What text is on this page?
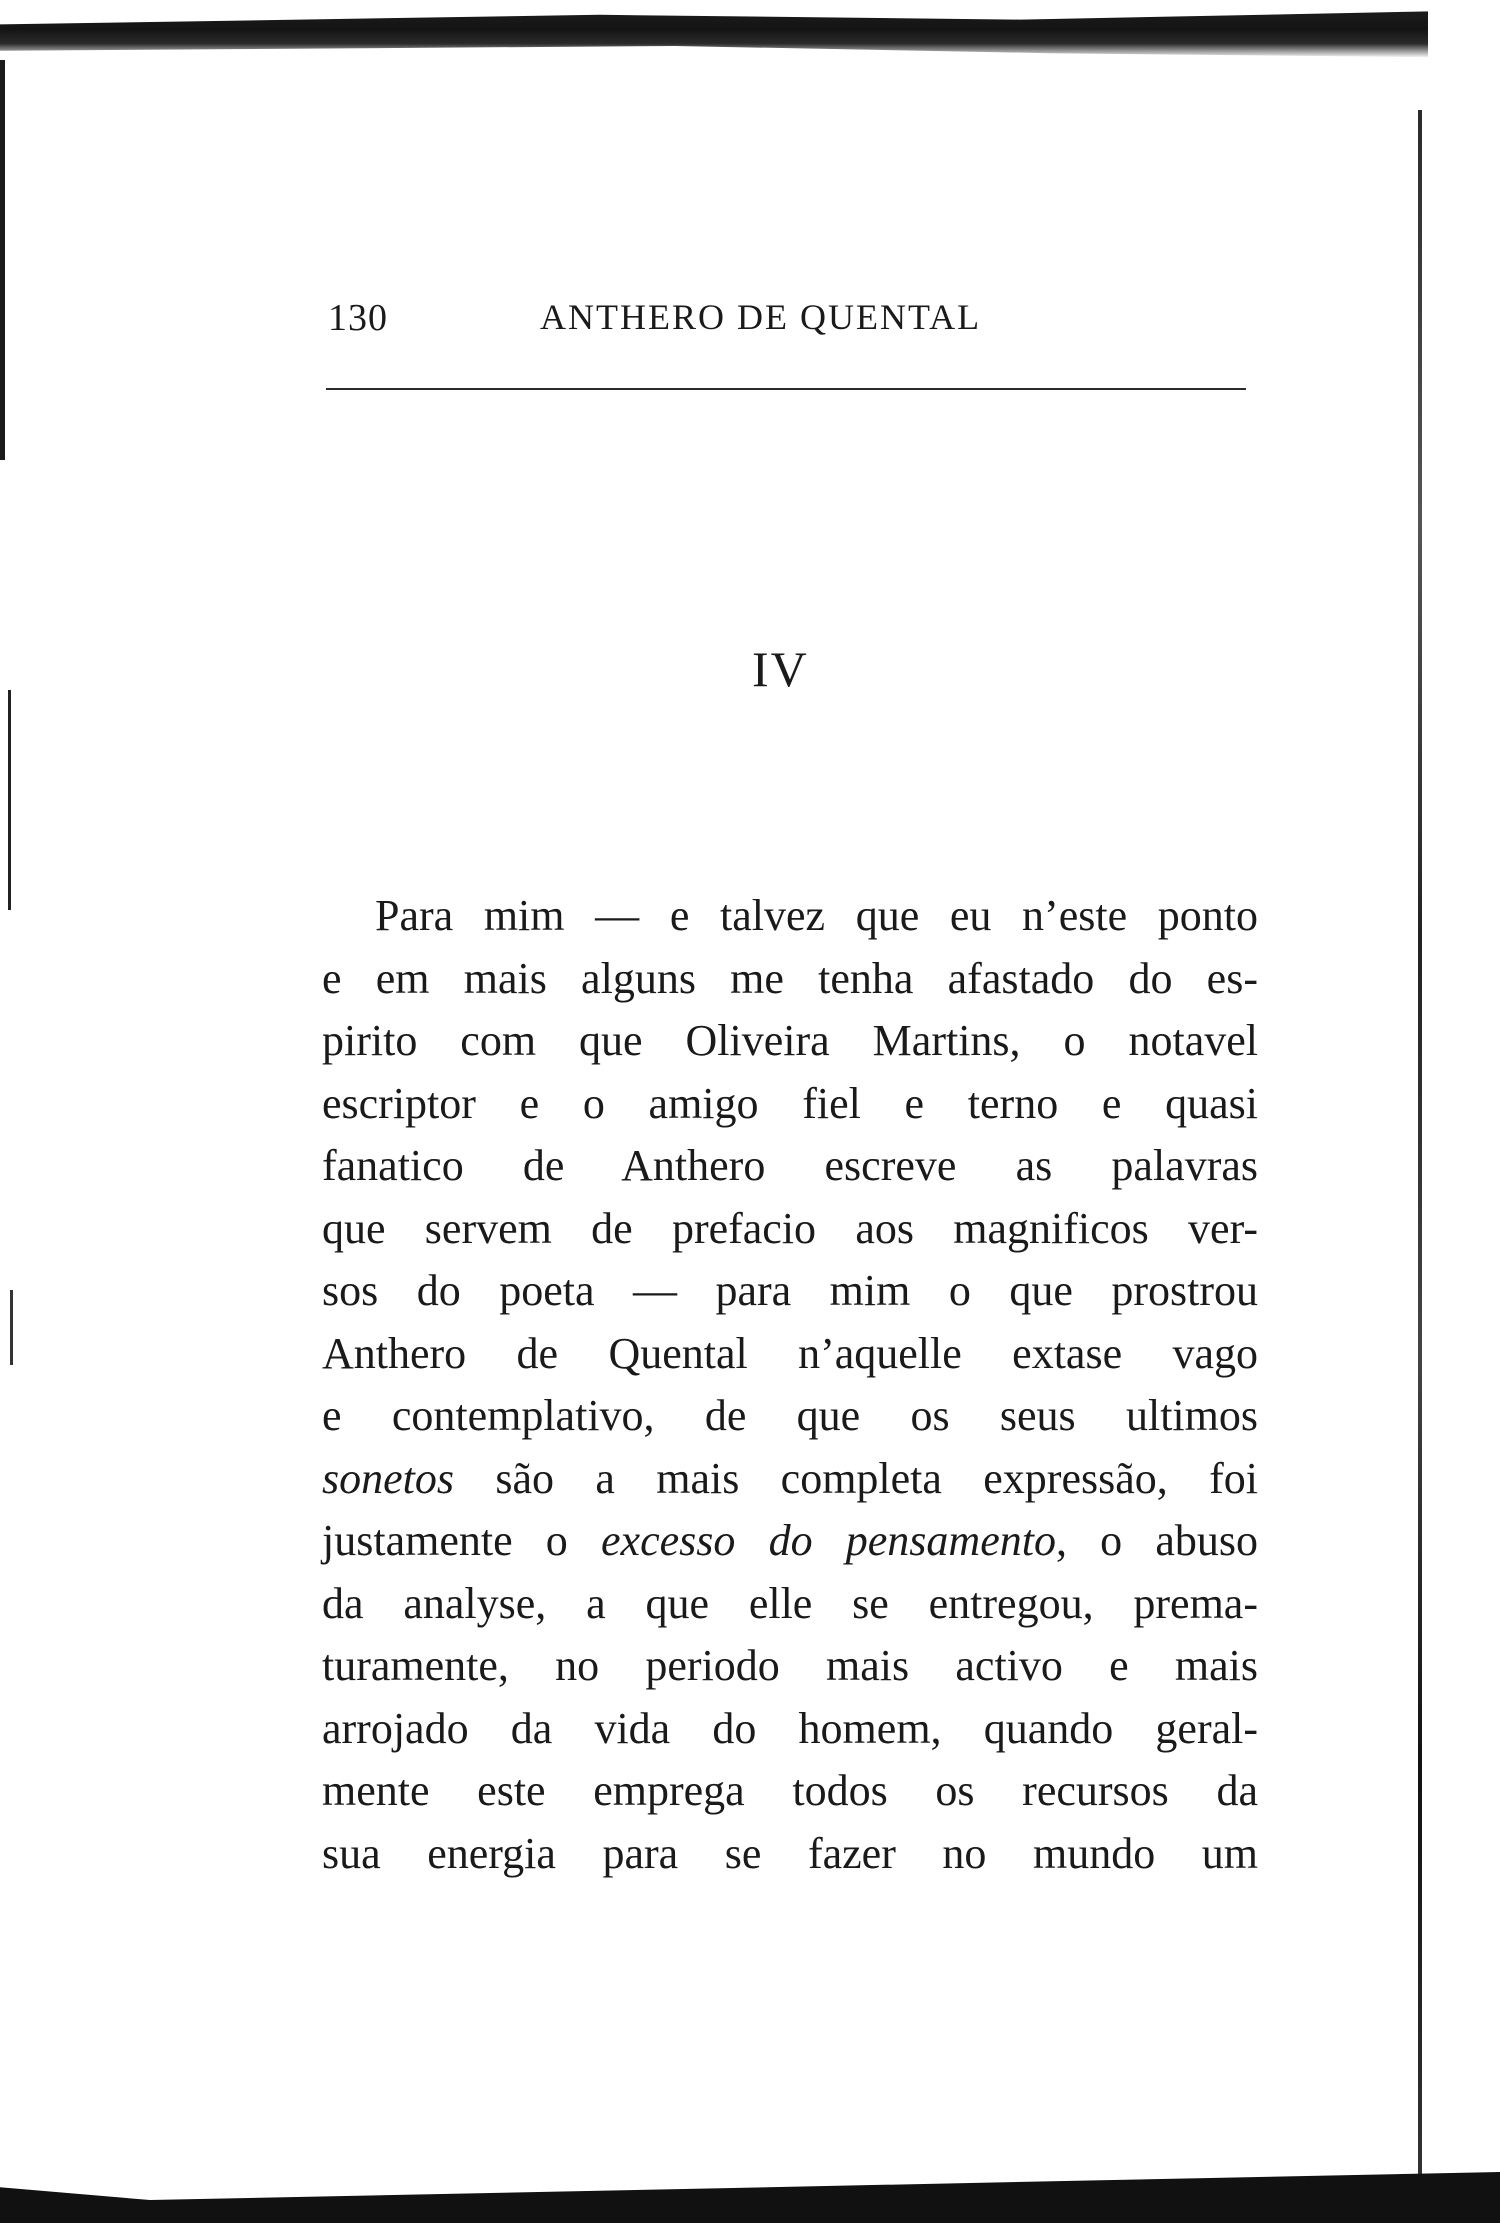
130	ANTHERO DE QUENTAL
IV
Para mim — e talvez que eu n’este ponto
e em mais alguns me tenha afastado do es-
pirito com que Oliveira Martins, o notavel
escriptor e o amigo fiel e terno e quasi
fanatico de Anthero escreve as palavras
que servem de prefacio aos magnificos ver-
sos do poeta — para mim o que prostrou
Anthero de Quental n’aquelle extase vago
e contemplativo, de que os seus ultimos
sonetos são a mais completa expressão, foi
justamente o excesso do pensamento, o abuso
da analyse, a que elle se entregou, prema-
turamente, no periodo mais activo e mais
arrojado da vida do homem, quando geral-
mente este emprega todos os recursos da
sua energia para se fazer no mundo um
